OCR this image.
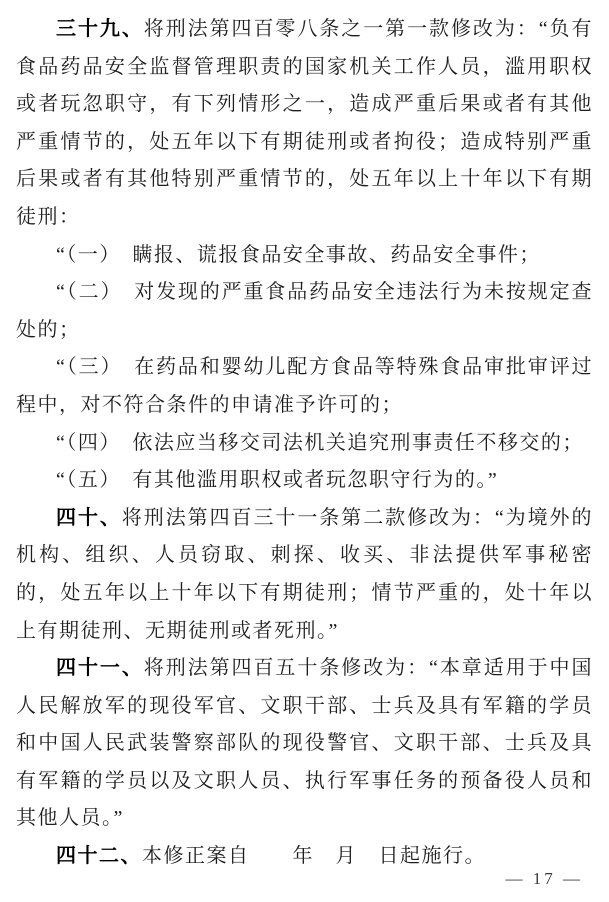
三十九、将刑法第四百零八条之一第一款修改为：“负有食品药品安全监督管理职责的国家机关工作人员，滥用职权或者玩忽职守，有下列情形之一，造成严重后果或者有其他严重情节的，处五年以下有期徒刑或者拘役；造成特别严重后果或者有其他特别严重情节的，处五年以上十年以下有期徒刑：

“（一）　瞒报、谎报食品安全事故、药品安全事件；

“（二）　对发现的严重食品药品安全违法行为未按规定查处的；

“（三）　在药品和婴幼儿配方食品等特殊食品审批审评过程中，对不符合条件的申请准予许可的；

“（四）　依法应当移交司法机关追究刑事责任不移交的；

“（五）　有其他滥用职权或者玩忽职守行为的。”

四十、将刑法第四百三十一条第二款修改为：“为境外的机构、组织、人员窃取、刺探、收买、非法提供军事秘密的，处五年以上十年以下有期徒刑；情节严重的，处十年以上有期徒刑、无期徒刑或者死刑。”

四十一、将刑法第四百五十条修改为：“本章适用于中国人民解放军的现役军官、文职干部、士兵及具有军籍的学员和中国人民武装警察部队的现役警官、文职干部、士兵及具有军籍的学员以及文职人员、执行军事任务的预备役人员和其他人员。”

四十二、本修正案自　　年　月　日起施行。

— 17 —
